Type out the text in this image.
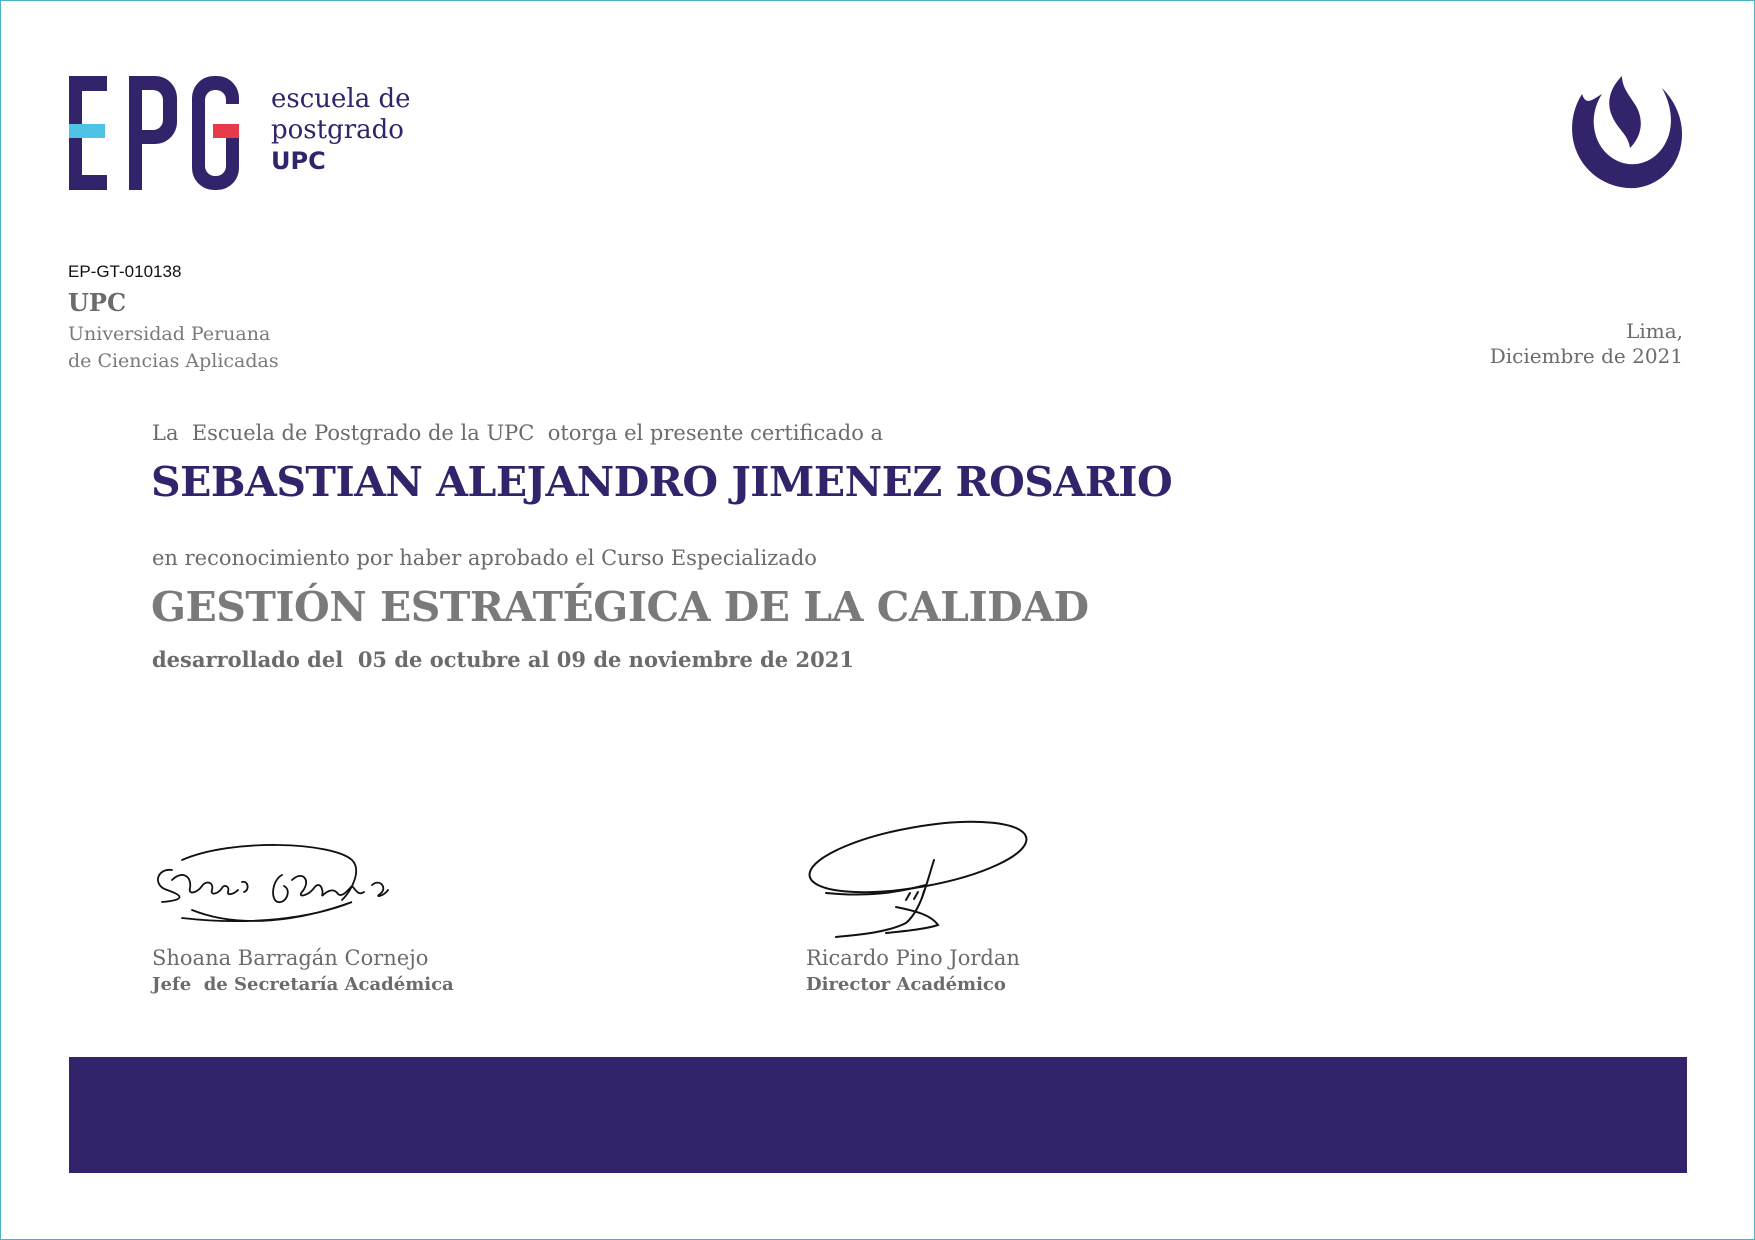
escuela de
postgrado
UPC
EP-GT-010138
UPC
Universidad Peruana
de Ciencias Aplicadas
Lima,
Diciembre de 2021
La  Escuela de Postgrado de la UPC  otorga el presente certificado a
SEBASTIAN ALEJANDRO JIMENEZ ROSARIO
en reconocimiento por haber aprobado el Curso Especializado
GESTIÓN ESTRATÉGICA DE LA CALIDAD
desarrollado del  05 de octubre al 09 de noviembre de 2021
Shoana Barragán Cornejo
Jefe  de Secretaría Académica
Ricardo Pino Jordan
Director Académico
